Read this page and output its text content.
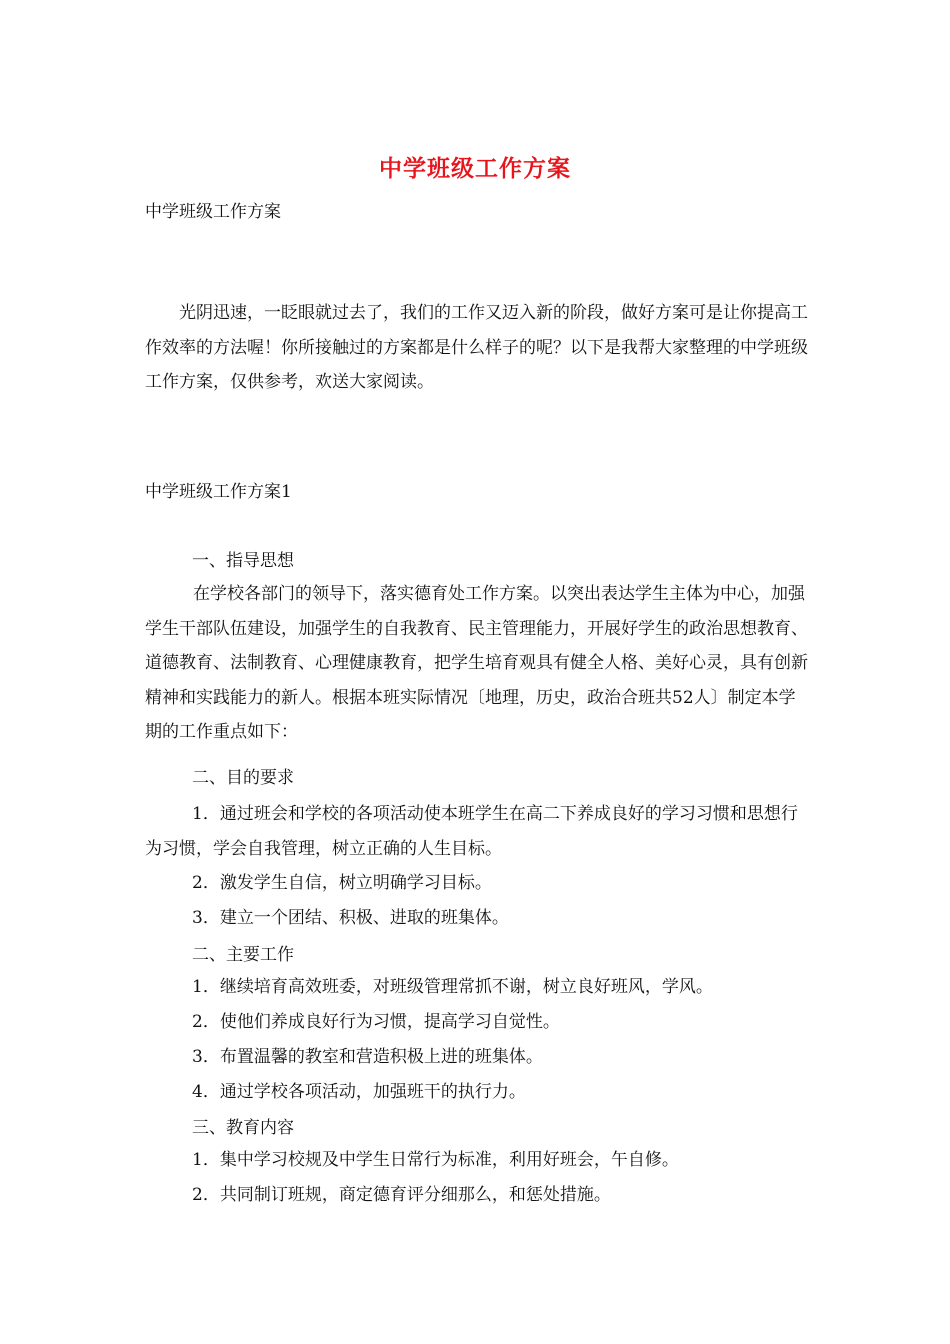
中学班级工作方案
中学班级工作方案
光阴迅速，一眨眼就过去了，我们的工作又迈入新的阶段，做好方案可是让你提高工作效率的方法喔！你所接触过的方案都是什么样子的呢？以下是我帮大家整理的中学班级工作方案，仅供参考，欢送大家阅读。
中学班级工作方案1
一、指导思想
在学校各部门的领导下，落实德育处工作方案。以突出表达学生主体为中心，加强学生干部队伍建设，加强学生的自我教育、民主管理能力，开展好学生的政治思想教育、道德教育、法制教育、心理健康教育，把学生培育观具有健全人格、美好心灵，具有创新精神和实践能力的新人。根据本班实际情况〔地理，历史，政治合班共52人〕制定本学期的工作重点如下：
二、目的要求
1．通过班会和学校的各项活动使本班学生在高二下养成良好的学习习惯和思想行为习惯，学会自我管理，树立正确的人生目标。
2．激发学生自信，树立明确学习目标。
3．建立一个团结、积极、进取的班集体。
二、主要工作
1．继续培育高效班委，对班级管理常抓不谢，树立良好班风，学风。
2．使他们养成良好行为习惯，提高学习自觉性。
3．布置温馨的教室和营造积极上进的班集体。
4．通过学校各项活动，加强班干的执行力。
三、教育内容
1．集中学习校规及中学生日常行为标准，利用好班会，午自修。
2．共同制订班规，商定德育评分细那么，和惩处措施。
